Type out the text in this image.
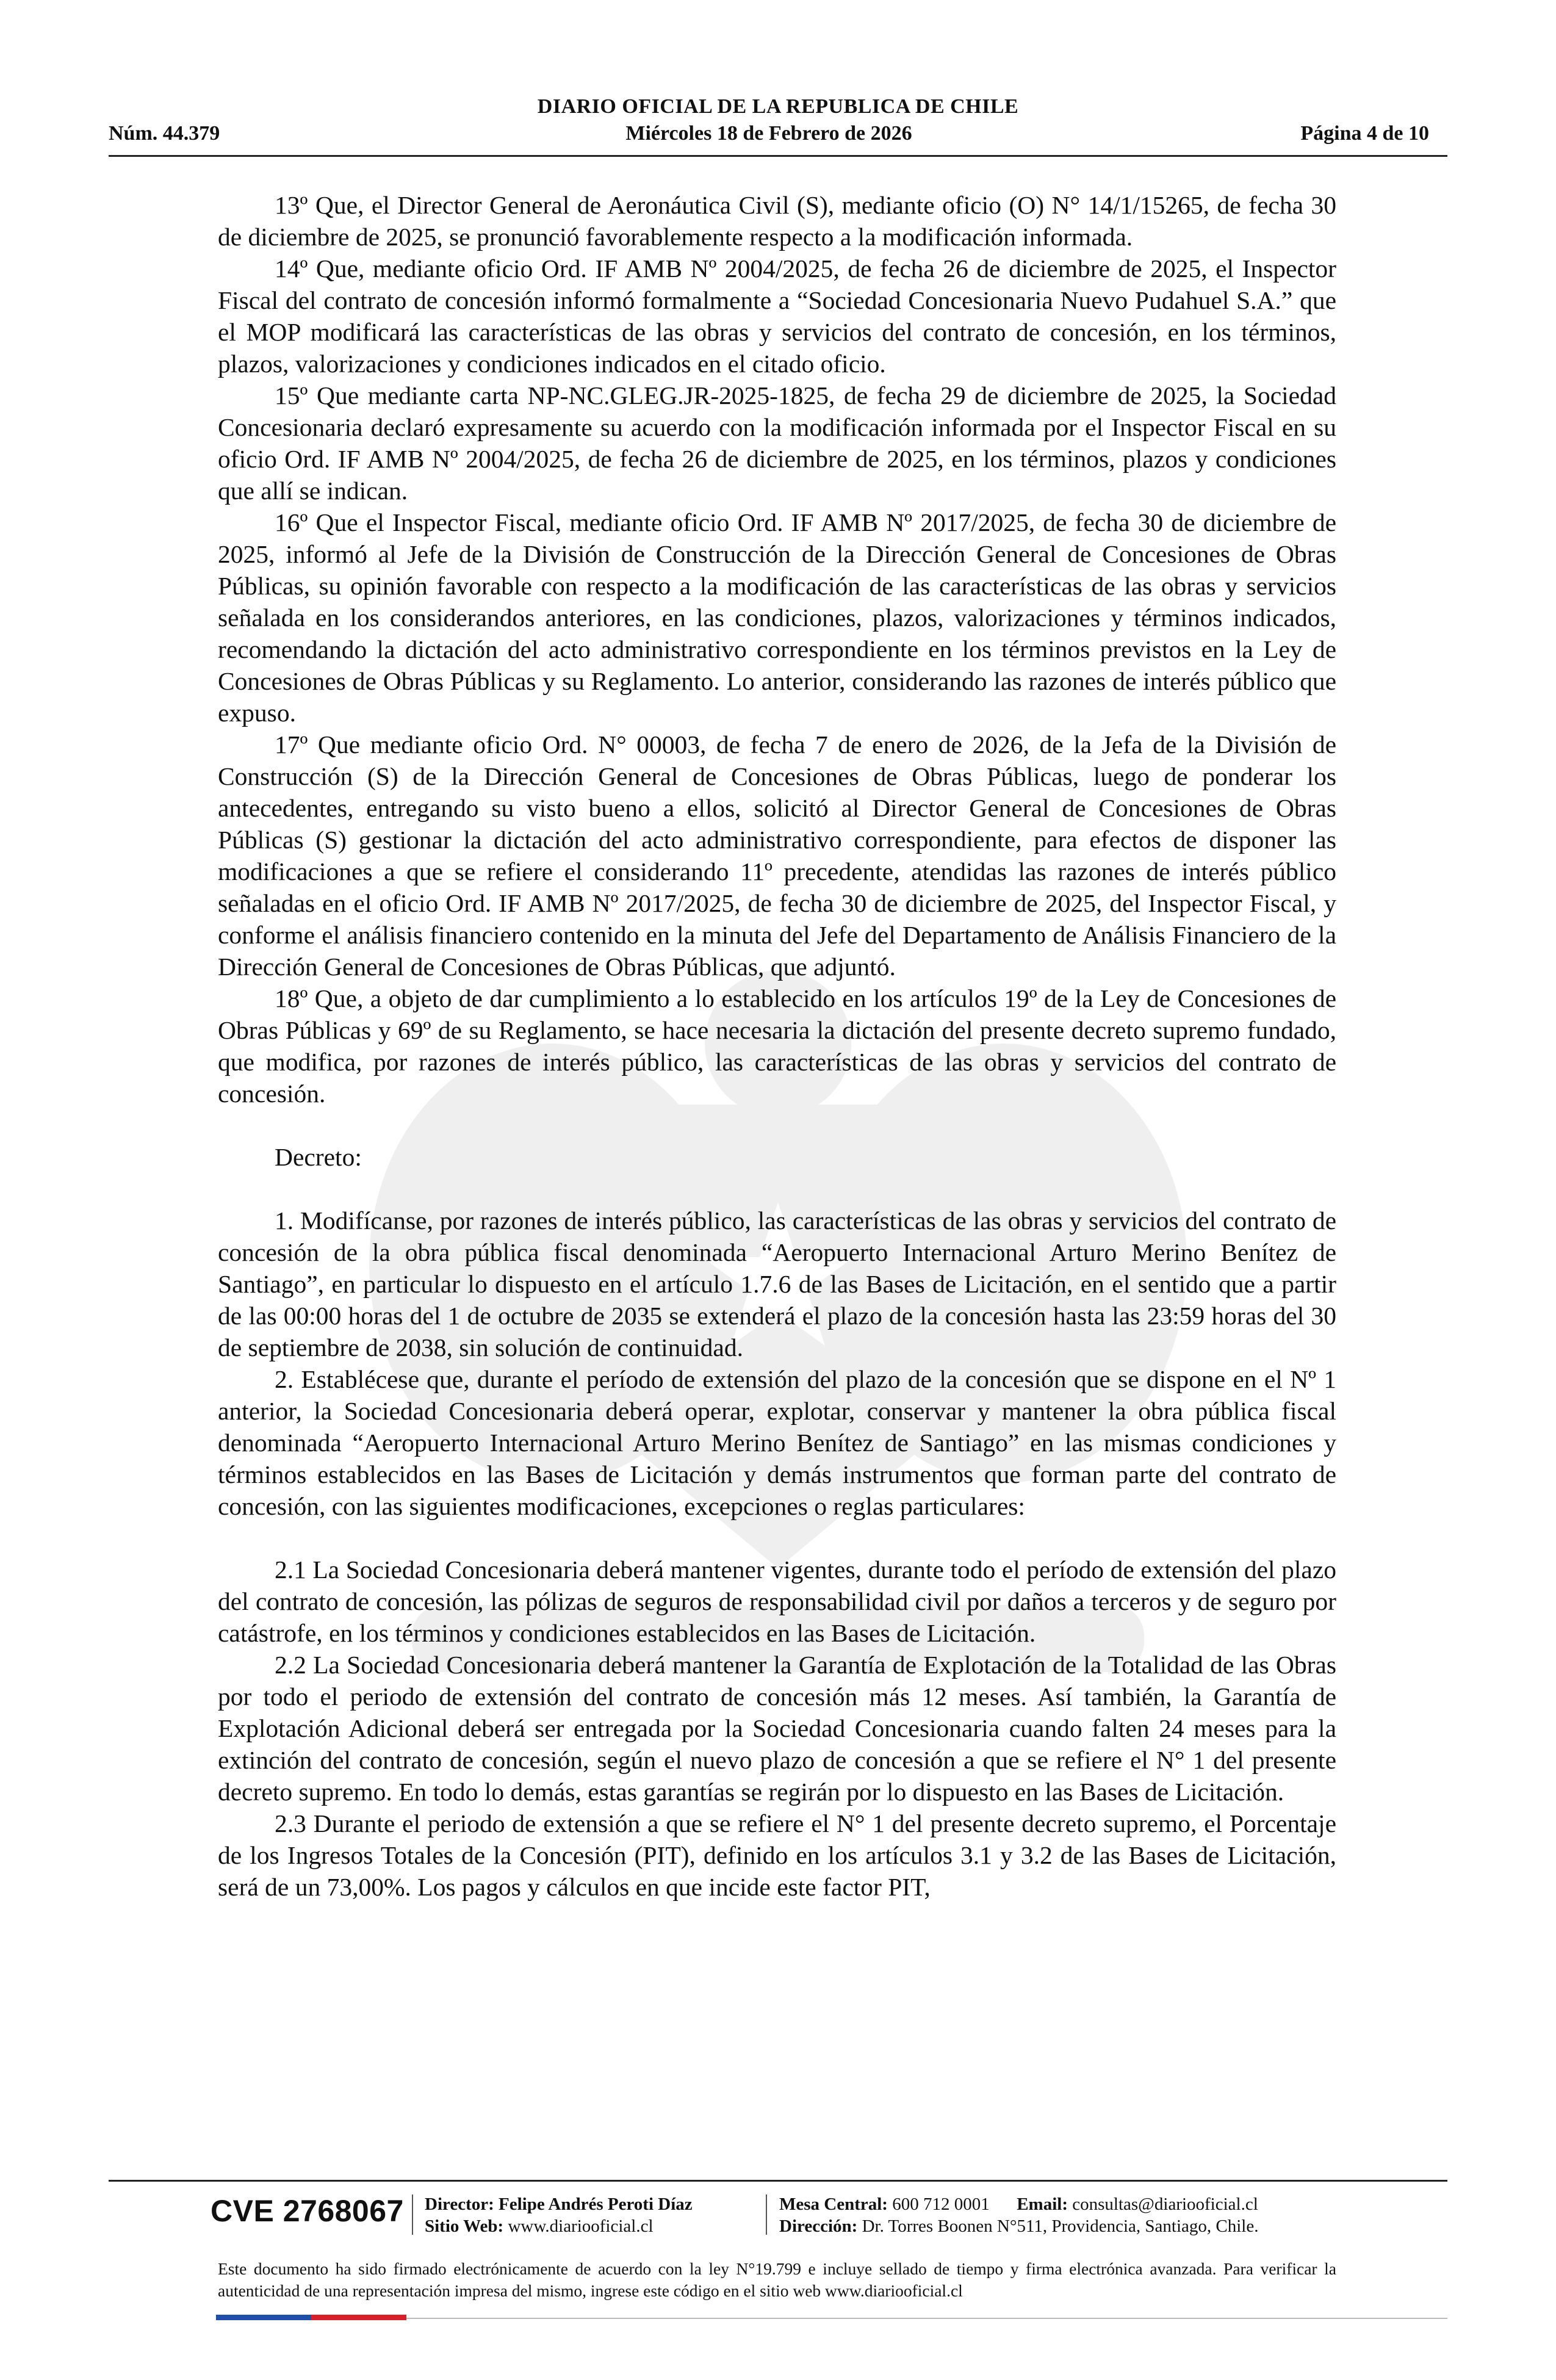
DIARIO OFICIAL DE LA REPUBLICA DE CHILE
Núm. 44.379	Miércoles 18 de Febrero de 2026	Página 4 de 10

13º Que, el Director General de Aeronáutica Civil (S), mediante oficio (O) N° 14/1/15265, de fecha 30 de diciembre de 2025, se pronunció favorablemente respecto a la modificación informada.

14º Que, mediante oficio Ord. IF AMB Nº 2004/2025, de fecha 26 de diciembre de 2025, el Inspector Fiscal del contrato de concesión informó formalmente a “Sociedad Concesionaria Nuevo Pudahuel S.A.” que el MOP modificará las características de las obras y servicios del contrato de concesión, en los términos, plazos, valorizaciones y condiciones indicados en el citado oficio.

15º Que mediante carta NP-NC.GLEG.JR-2025-1825, de fecha 29 de diciembre de 2025, la Sociedad Concesionaria declaró expresamente su acuerdo con la modificación informada por el Inspector Fiscal en su oficio Ord. IF AMB Nº 2004/2025, de fecha 26 de diciembre de 2025, en los términos, plazos y condiciones que allí se indican.

16º Que el Inspector Fiscal, mediante oficio Ord. IF AMB Nº 2017/2025, de fecha 30 de diciembre de 2025, informó al Jefe de la División de Construcción de la Dirección General de Concesiones de Obras Públicas, su opinión favorable con respecto a la modificación de las características de las obras y servicios señalada en los considerandos anteriores, en las condiciones, plazos, valorizaciones y términos indicados, recomendando la dictación del acto administrativo correspondiente en los términos previstos en la Ley de Concesiones de Obras Públicas y su Reglamento. Lo anterior, considerando las razones de interés público que expuso.

17º Que mediante oficio Ord. N° 00003, de fecha 7 de enero de 2026, de la Jefa de la División de Construcción (S) de la Dirección General de Concesiones de Obras Públicas, luego de ponderar los antecedentes, entregando su visto bueno a ellos, solicitó al Director General de Concesiones de Obras Públicas (S) gestionar la dictación del acto administrativo correspondiente, para efectos de disponer las modificaciones a que se refiere el considerando 11º precedente, atendidas las razones de interés público señaladas en el oficio Ord. IF AMB Nº 2017/2025, de fecha 30 de diciembre de 2025, del Inspector Fiscal, y conforme el análisis financiero contenido en la minuta del Jefe del Departamento de Análisis Financiero de la Dirección General de Concesiones de Obras Públicas, que adjuntó.

18º Que, a objeto de dar cumplimiento a lo establecido en los artículos 19º de la Ley de Concesiones de Obras Públicas y 69º de su Reglamento, se hace necesaria la dictación del presente decreto supremo fundado, que modifica, por razones de interés público, las características de las obras y servicios del contrato de concesión.

Decreto:

1. Modifícanse, por razones de interés público, las características de las obras y servicios del contrato de concesión de la obra pública fiscal denominada “Aeropuerto Internacional Arturo Merino Benítez de Santiago”, en particular lo dispuesto en el artículo 1.7.6 de las Bases de Licitación, en el sentido que a partir de las 00:00 horas del 1 de octubre de 2035 se extenderá el plazo de la concesión hasta las 23:59 horas del 30 de septiembre de 2038, sin solución de continuidad.

2. Establécese que, durante el período de extensión del plazo de la concesión que se dispone en el Nº 1 anterior, la Sociedad Concesionaria deberá operar, explotar, conservar y mantener la obra pública fiscal denominada “Aeropuerto Internacional Arturo Merino Benítez de Santiago” en las mismas condiciones y términos establecidos en las Bases de Licitación y demás instrumentos que forman parte del contrato de concesión, con las siguientes modificaciones, excepciones o reglas particulares:

2.1 La Sociedad Concesionaria deberá mantener vigentes, durante todo el período de extensión del plazo del contrato de concesión, las pólizas de seguros de responsabilidad civil por daños a terceros y de seguro por catástrofe, en los términos y condiciones establecidos en las Bases de Licitación.

2.2 La Sociedad Concesionaria deberá mantener la Garantía de Explotación de la Totalidad de las Obras por todo el periodo de extensión del contrato de concesión más 12 meses. Así también, la Garantía de Explotación Adicional deberá ser entregada por la Sociedad Concesionaria cuando falten 24 meses para la extinción del contrato de concesión, según el nuevo plazo de concesión a que se refiere el N° 1 del presente decreto supremo. En todo lo demás, estas garantías se regirán por lo dispuesto en las Bases de Licitación.

2.3 Durante el periodo de extensión a que se refiere el N° 1 del presente decreto supremo, el Porcentaje de los Ingresos Totales de la Concesión (PIT), definido en los artículos 3.1 y 3.2 de las Bases de Licitación, será de un 73,00%. Los pagos y cálculos en que incide este factor PIT,

CVE 2768067 Director: Felipe Andrés Peroti Díaz
Sitio Web: www.diariooficial.cl
Mesa Central: 600 712 0001 Email: consultas@diariooficial.cl
Dirección: Dr. Torres Boonen N°511, Providencia, Santiago, Chile.
Este documento ha sido firmado electrónicamente de acuerdo con la ley N°19.799 e incluye sellado de tiempo y firma electrónica avanzada. Para verificar la autenticidad de una representación impresa del mismo, ingrese este código en el sitio web www.diariooficial.cl
